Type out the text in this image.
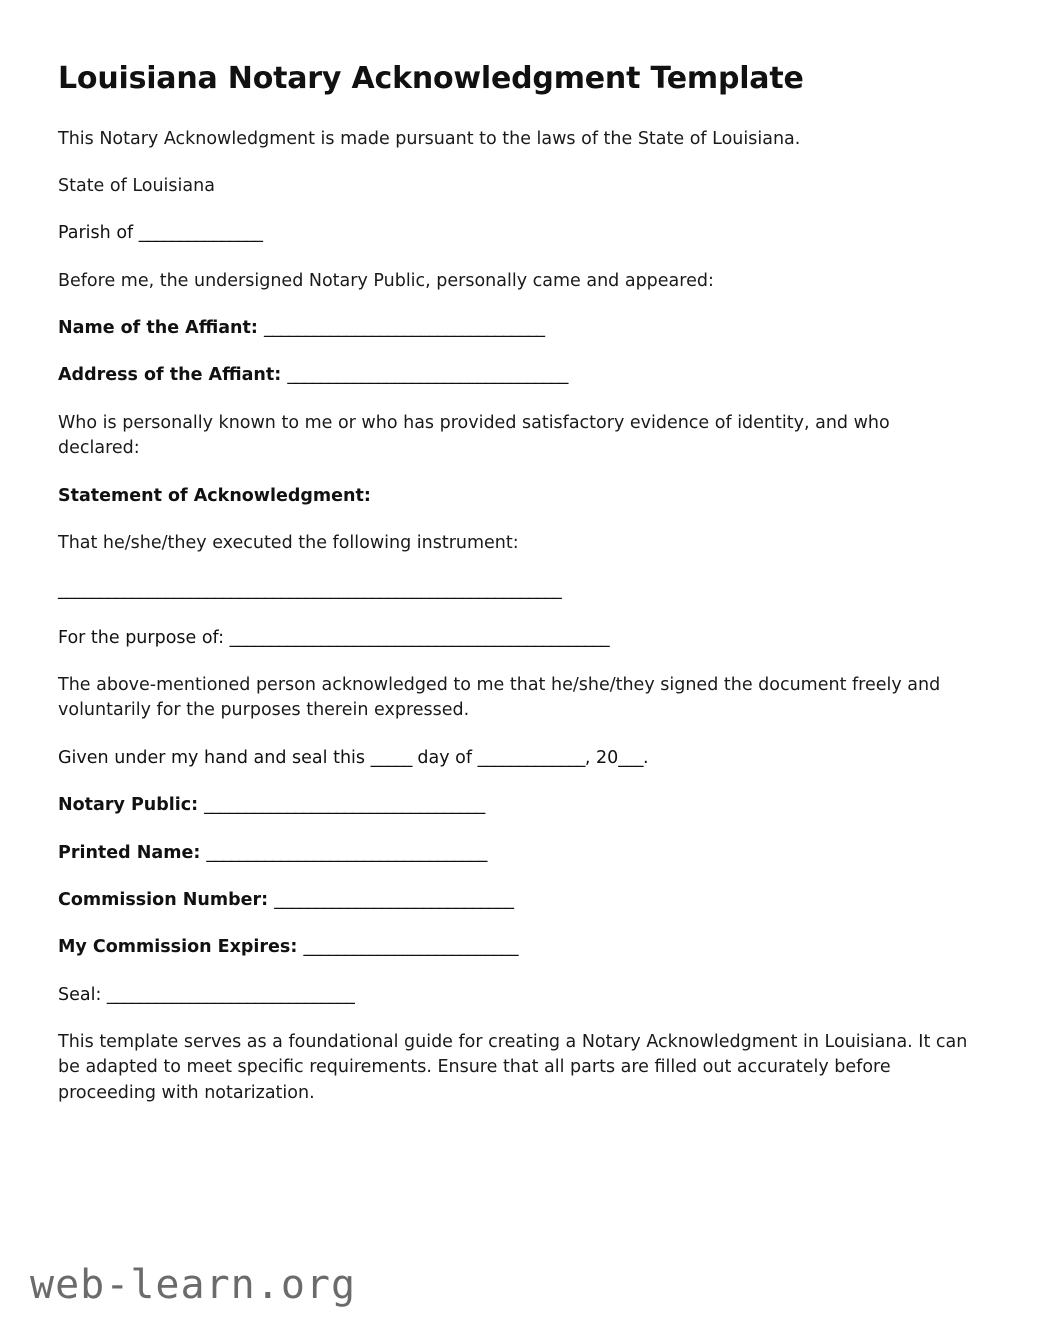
Louisiana Notary Acknowledgment Template

This Notary Acknowledgment is made pursuant to the laws of the State of Louisiana.

State of Louisiana

Parish of _______________

Before me, the undersigned Notary Public, personally came and appeared:

Name of the Affiant: __________________________________

Address of the Affiant: __________________________________

Who is personally known to me or who has provided satisfactory evidence of identity, and who declared:

Statement of Acknowledgment:

That he/she/they executed the following instrument:

_____________________________________________________________

For the purpose of: ______________________________________________

The above-mentioned person acknowledged to me that he/she/they signed the document freely and voluntarily for the purposes therein expressed.

Given under my hand and seal this _____ day of _____________, 20___.

Notary Public: __________________________________

Printed Name: __________________________________

Commission Number: _____________________________

My Commission Expires: __________________________

Seal: ______________________________

This template serves as a foundational guide for creating a Notary Acknowledgment in Louisiana. It can be adapted to meet specific requirements. Ensure that all parts are filled out accurately before proceeding with notarization.

web-learn.org
